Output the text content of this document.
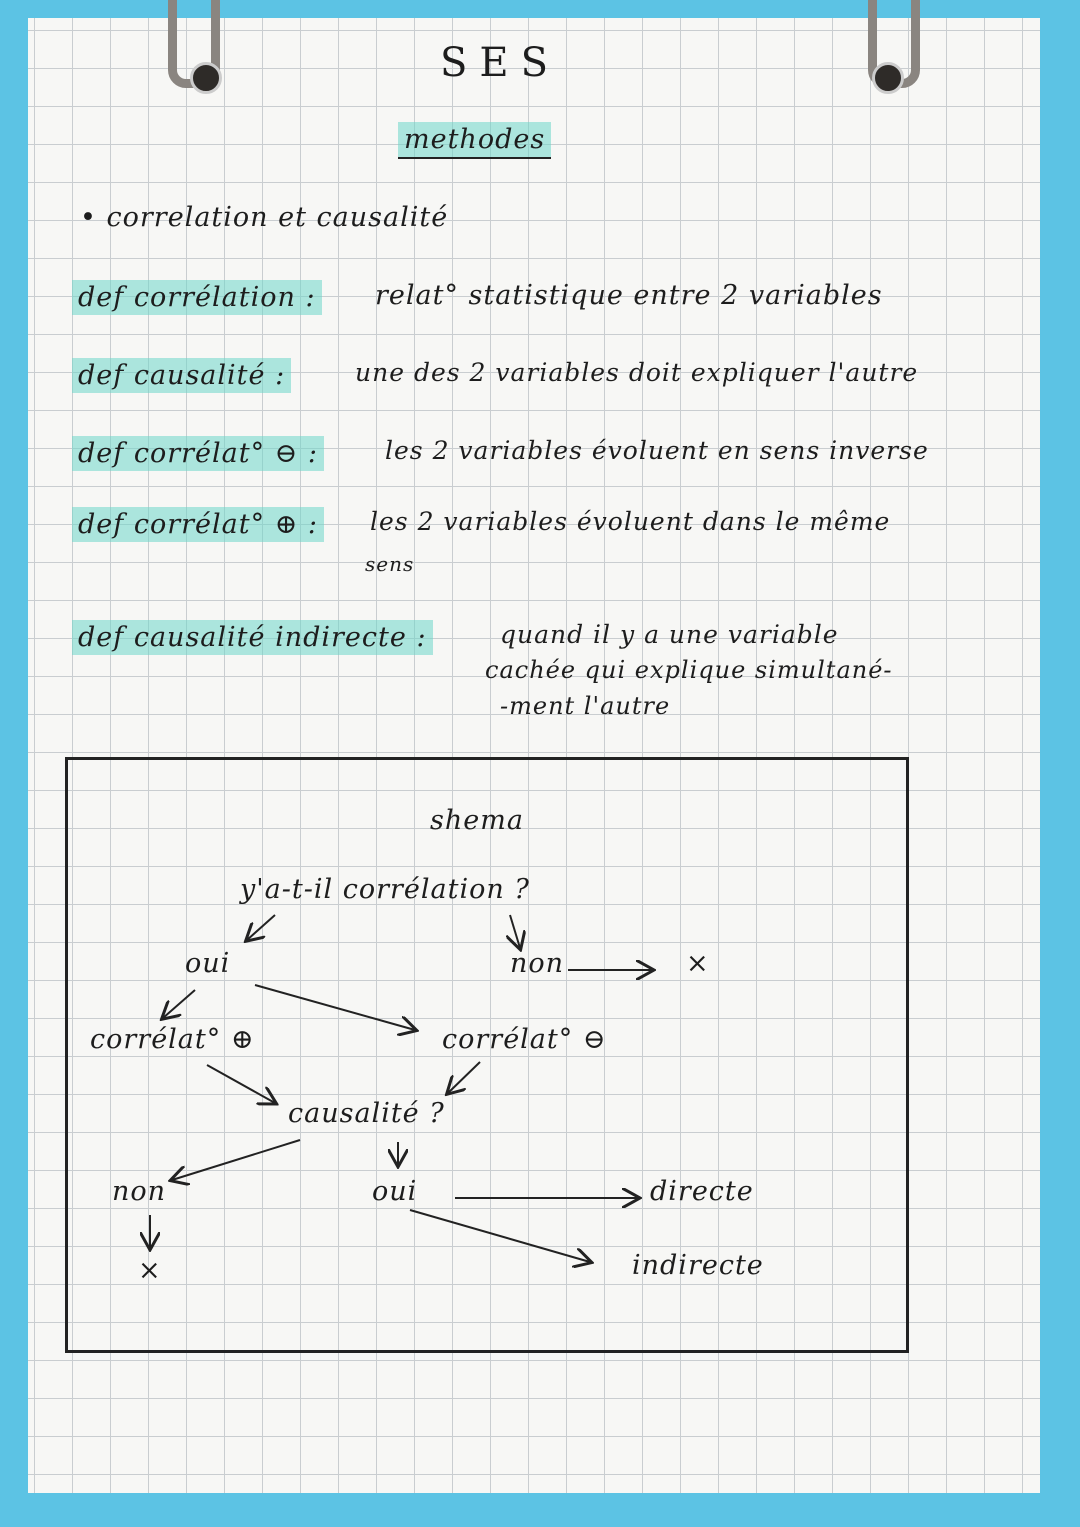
SES
methodes
• correlation et causalité
def corrélation : relat° statistique entre 2 variables
def causalité :	une des 2 variables doit expliquer l'autre
def corrélat° ⊖ :	les 2 variables évoluent en sens inverse
def corrélat° ⊕ : les 2 variables évoluent dans le même
sens
def causalité indirecte :	quand il y a une variable
cachée qui explique simultané-
-ment l'autre
shema
y'a-t-il corrélation ?
oui	non	×
corrélat° ⊕	corrélat° ⊖
causalité ?
non
×
oui	directe
indirecte
